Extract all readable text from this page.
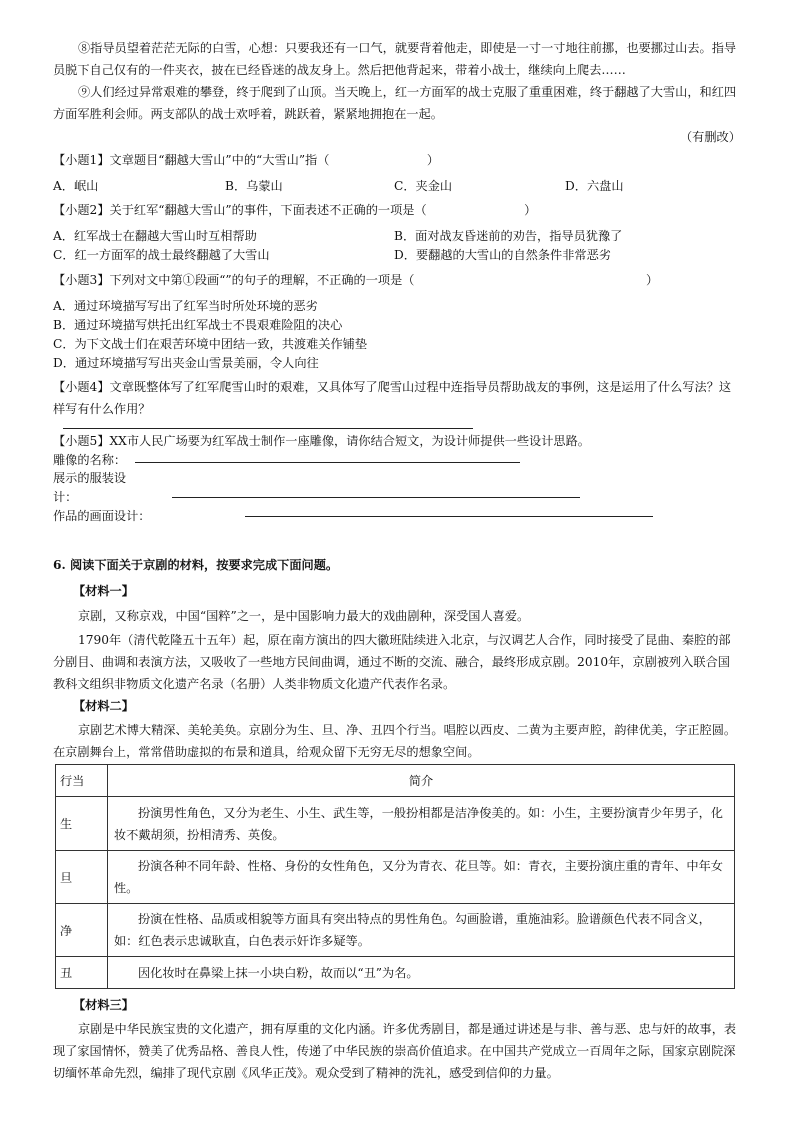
⑧指导员望着茫茫无际的白雪，心想：只要我还有一口气，就要背着他走，即使是一寸一寸地往前挪，也要挪过山去。指导员脱下自己仅有的一件夹衣，披在已经昏迷的战友身上。然后把他背起来，带着小战士，继续向上爬去……

⑨人们经过异常艰难的攀登，终于爬到了山顶。当天晚上，红一方面军的战士克服了重重困难，终于翻越了大雪山，和红四方面军胜利会师。两支部队的战士欢呼着，跳跃着，紧紧地拥抱在一起。

（有删改）

【小题1】文章题目“翻越大雪山”中的“大雪山”指（　　　　　　　　）

A．岷山	B．乌蒙山	C．夹金山	D．六盘山

【小题2】关于红军“翻越大雪山”的事件，下面表述不正确的一项是（　　　　　　　　）

A．红军战士在翻越大雪山时互相帮助	B．面对战友昏迷前的劝告，指导员犹豫了

C．红一方面军的战士最终翻越了大雪山	D．要翻越的大雪山的自然条件非常恶劣

【小题3】下列对文中第①段画“”的句子的理解，不正确的一项是（　　　　　　　　　　　　　　　　　　　）

A．通过环境描写写出了红军当时所处环境的恶劣

B．通过环境描写烘托出红军战士不畏艰难险阻的决心

C．为下文战士们在艰苦环境中团结一致，共渡难关作铺垫

D．通过环境描写写出夹金山雪景美丽，令人向往

【小题4】文章既整体写了红军爬雪山时的艰难，又具体写了爬雪山过程中连指导员帮助战友的事例，这是运用了什么写法？这样写有什么作用？

【小题5】XX市人民广场要为红军战士制作一座雕像，请你结合短文，为设计师提供一些设计思路。

雕像的名称：

展示的服装设

计：

作品的画面设计：

6. 阅读下面关于京剧的材料，按要求完成下面问题。

【材料一】

京剧，又称京戏，中国“国粹”之一，是中国影响力最大的戏曲剧种，深受国人喜爱。

1790年（清代乾隆五十五年）起，原在南方演出的四大徽班陆续进入北京，与汉调艺人合作，同时接受了昆曲、秦腔的部分剧目、曲调和表演方法，又吸收了一些地方民间曲调，通过不断的交流、融合，最终形成京剧。2010年，京剧被列入联合国教科文组织非物质文化遗产名录（名册）人类非物质文化遗产代表作名录。

【材料二】

京剧艺术博大精深、美轮美奂。京剧分为生、旦、净、丑四个行当。唱腔以西皮、二黄为主要声腔，韵律优美，字正腔圆。在京剧舞台上，常常借助虚拟的布景和道具，给观众留下无穷无尽的想象空间。

行当	简介
生	扮演男性角色，又分为老生、小生、武生等，一般扮相都是洁净俊美的。如：小生，主要扮演青少年男子，化妆不戴胡须，扮相清秀、英俊。
旦	扮演各种不同年龄、性格、身份的女性角色，又分为青衣、花旦等。如：青衣，主要扮演庄重的青年、中年女性。
净	扮演在性格、品质或相貌等方面具有突出特点的男性角色。勾画脸谱，重施油彩。脸谱颜色代表不同含义，如：红色表示忠诚耿直，白色表示奸诈多疑等。
丑	因化妆时在鼻梁上抹一小块白粉，故而以“丑”为名。

【材料三】

京剧是中华民族宝贵的文化遗产，拥有厚重的文化内涵。许多优秀剧目，都是通过讲述是与非、善与恶、忠与奸的故事，表现了家国情怀，赞美了优秀品格、善良人性，传递了中华民族的崇高价值追求。在中国共产党成立一百周年之际，国家京剧院深切缅怀革命先烈，编排了现代京剧《风华正茂》。观众受到了精神的洗礼，感受到信仰的力量。
